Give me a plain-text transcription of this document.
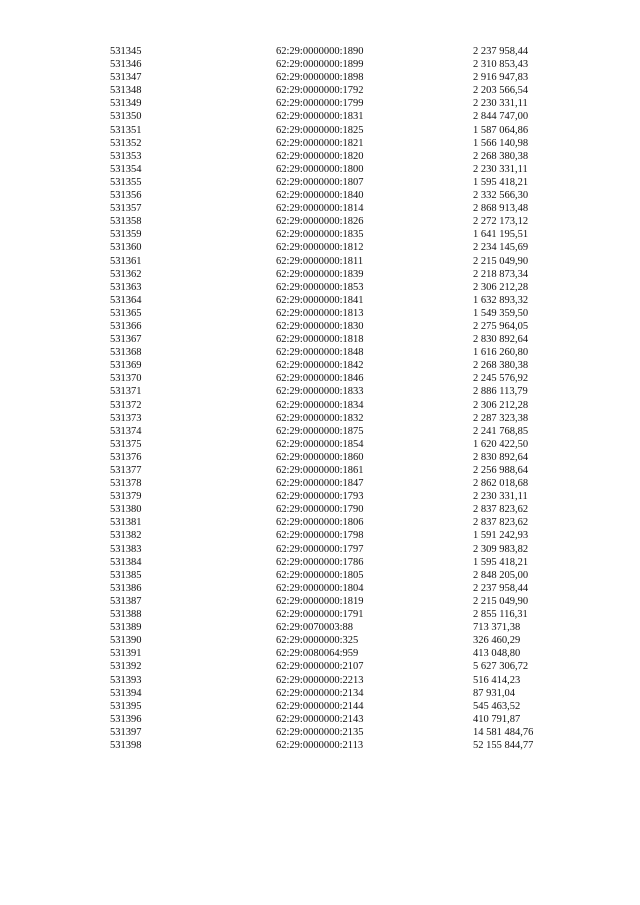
531345	62:29:0000000:1890	2 237 958,44
531346	62:29:0000000:1899	2 310 853,43
531347	62:29:0000000:1898	2 916 947,83
531348	62:29:0000000:1792	2 203 566,54
531349	62:29:0000000:1799	2 230 331,11
531350	62:29:0000000:1831	2 844 747,00
531351	62:29:0000000:1825	1 587 064,86
531352	62:29:0000000:1821	1 566 140,98
531353	62:29:0000000:1820	2 268 380,38
531354	62:29:0000000:1800	2 230 331,11
531355	62:29:0000000:1807	1 595 418,21
531356	62:29:0000000:1840	2 332 566,30
531357	62:29:0000000:1814	2 868 913,48
531358	62:29:0000000:1826	2 272 173,12
531359	62:29:0000000:1835	1 641 195,51
531360	62:29:0000000:1812	2 234 145,69
531361	62:29:0000000:1811	2 215 049,90
531362	62:29:0000000:1839	2 218 873,34
531363	62:29:0000000:1853	2 306 212,28
531364	62:29:0000000:1841	1 632 893,32
531365	62:29:0000000:1813	1 549 359,50
531366	62:29:0000000:1830	2 275 964,05
531367	62:29:0000000:1818	2 830 892,64
531368	62:29:0000000:1848	1 616 260,80
531369	62:29:0000000:1842	2 268 380,38
531370	62:29:0000000:1846	2 245 576,92
531371	62:29:0000000:1833	2 886 113,79
531372	62:29:0000000:1834	2 306 212,28
531373	62:29:0000000:1832	2 287 323,38
531374	62:29:0000000:1875	2 241 768,85
531375	62:29:0000000:1854	1 620 422,50
531376	62:29:0000000:1860	2 830 892,64
531377	62:29:0000000:1861	2 256 988,64
531378	62:29:0000000:1847	2 862 018,68
531379	62:29:0000000:1793	2 230 331,11
531380	62:29:0000000:1790	2 837 823,62
531381	62:29:0000000:1806	2 837 823,62
531382	62:29:0000000:1798	1 591 242,93
531383	62:29:0000000:1797	2 309 983,82
531384	62:29:0000000:1786	1 595 418,21
531385	62:29:0000000:1805	2 848 205,00
531386	62:29:0000000:1804	2 237 958,44
531387	62:29:0000000:1819	2 215 049,90
531388	62:29:0000000:1791	2 855 116,31
531389	62:29:0070003:88	713 371,38
531390	62:29:0000000:325	326 460,29
531391	62:29:0080064:959	413 048,80
531392	62:29:0000000:2107	5 627 306,72
531393	62:29:0000000:2213	516 414,23
531394	62:29:0000000:2134	87 931,04
531395	62:29:0000000:2144	545 463,52
531396	62:29:0000000:2143	410 791,87
531397	62:29:0000000:2135	14 581 484,76
531398	62:29:0000000:2113	52 155 844,77
